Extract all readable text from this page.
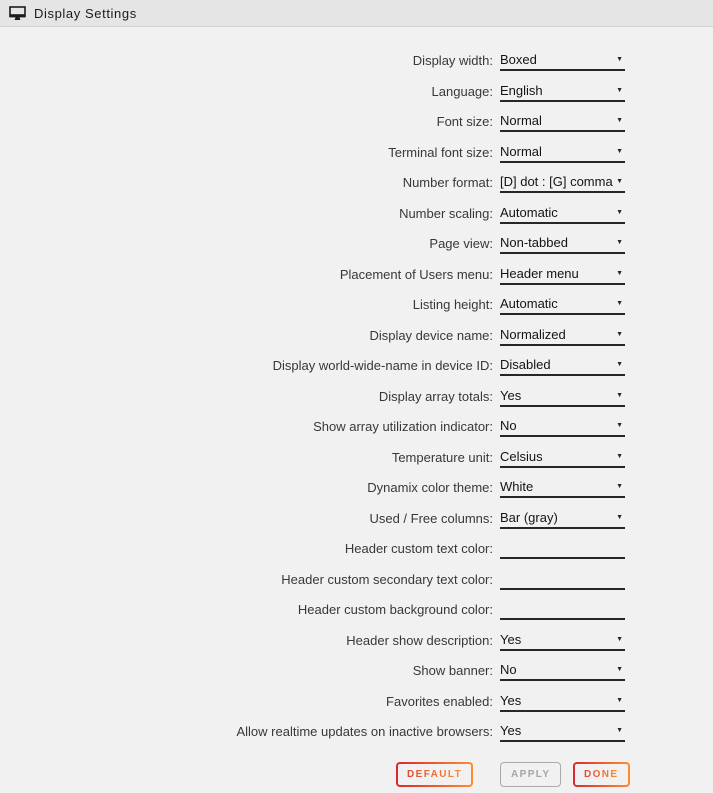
Display Settings
Display width: Boxed	▼
Language: English	▼
Font size: Normal	▼
Terminal font size: Normal	▼
Number format: [D] dot : [G] comma ▼
Number scaling: Automatic	▼
Page view: Non-tabbed	▼
Placement of Users menu: Header menu	▼
Listing height: Automatic	▼
Display device name: Normalized	▼
Display world-wide-name in device ID: Disabled	▼
Display array totals: Yes	▼
Show array utilization indicator: No	▼
Temperature unit: Celsius	▼
Dynamix color theme: White	▼
Used / Free columns: Bar (gray)	▼
Header custom text color:
Header custom secondary text color:
Header custom background color:
Header show description: Yes	▼
Show banner: No	▼
Favorites enabled: Yes	▼
Allow realtime updates on inactive browsers: Yes	▼
DEFAULT	APPLY	DONE
